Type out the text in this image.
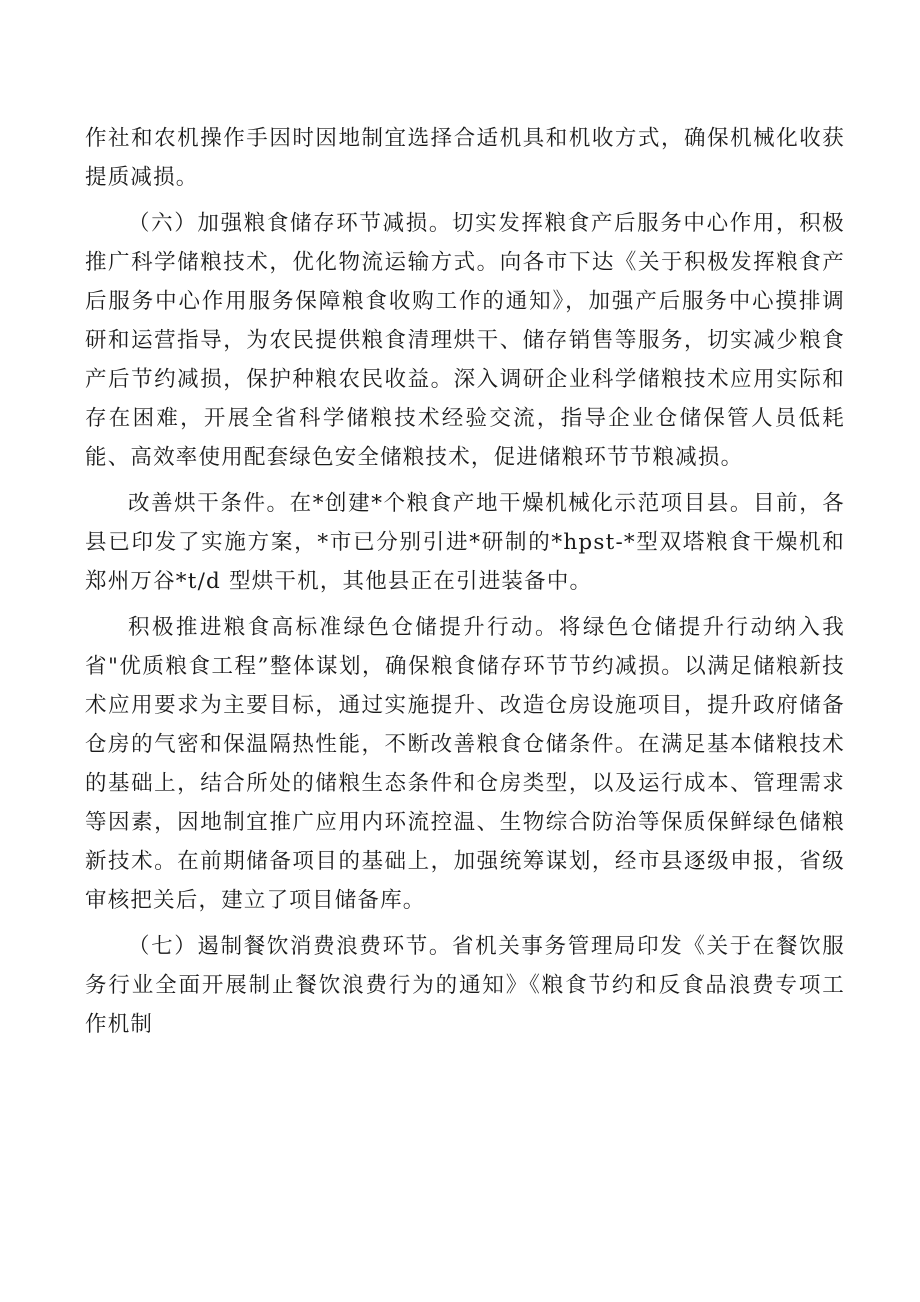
作社和农机操作手因时因地制宜选择合适机具和机收方式，确保机械化收获提质减损。

（六）加强粮食储存环节减损。切实发挥粮食产后服务中心作用，积极推广科学储粮技术，优化物流运输方式。向各市下达《关于积极发挥粮食产后服务中心作用服务保障粮食收购工作的通知》，加强产后服务中心摸排调研和运营指导，为农民提供粮食清理烘干、储存销售等服务，切实减少粮食产后节约减损，保护种粮农民收益。深入调研企业科学储粮技术应用实际和存在困难，开展全省科学储粮技术经验交流，指导企业仓储保管人员低耗能、高效率使用配套绿色安全储粮技术，促进储粮环节节粮减损。

改善烘干条件。在*创建*个粮食产地干燥机械化示范项目县。目前，各县已印发了实施方案，*市已分别引进*研制的*hpst-*型双塔粮食干燥机和郑州万谷*t/d 型烘干机，其他县正在引进装备中。

积极推进粮食高标准绿色仓储提升行动。将绿色仓储提升行动纳入我省"优质粮食工程”整体谋划，确保粮食储存环节节约减损。以满足储粮新技术应用要求为主要目标，通过实施提升、改造仓房设施项目，提升政府储备仓房的气密和保温隔热性能，不断改善粮食仓储条件。在满足基本储粮技术的基础上，结合所处的储粮生态条件和仓房类型，以及运行成本、管理需求等因素，因地制宜推广应用内环流控温、生物综合防治等保质保鲜绿色储粮新技术。在前期储备项目的基础上，加强统筹谋划，经市县逐级申报，省级审核把关后，建立了项目储备库。

（七）遏制餐饮消费浪费环节。省机关事务管理局印发《关于在餐饮服务行业全面开展制止餐饮浪费行为的通知》《粮食节约和反食品浪费专项工作机制
